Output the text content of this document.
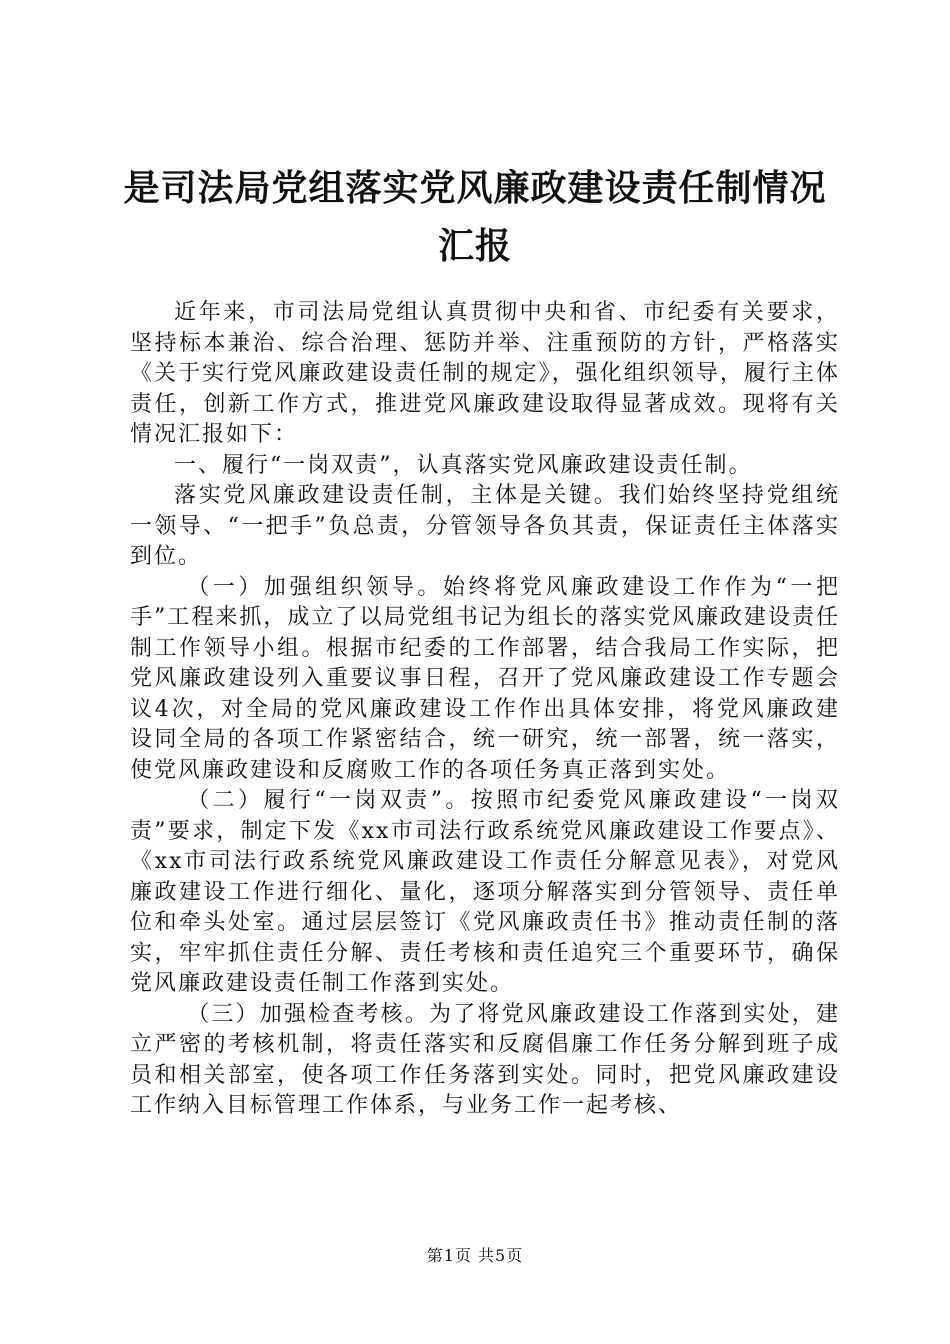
是司法局党组落实党风廉政建设责任制情况汇报

近年来，市司法局党组认真贯彻中央和省、市纪委有关要求，坚持标本兼治、综合治理、惩防并举、注重预防的方针，严格落实《关于实行党风廉政建设责任制的规定》，强化组织领导，履行主体责任，创新工作方式，推进党风廉政建设取得显著成效。现将有关情况汇报如下：

一、履行“一岗双责”，认真落实党风廉政建设责任制。

落实党风廉政建设责任制，主体是关键。我们始终坚持党组统一领导、“一把手”负总责，分管领导各负其责，保证责任主体落实到位。

（一）加强组织领导。始终将党风廉政建设工作作为“一把手”工程来抓，成立了以局党组书记为组长的落实党风廉政建设责任制工作领导小组。根据市纪委的工作部署，结合我局工作实际，把党风廉政建设列入重要议事日程，召开了党风廉政建设工作专题会议4次，对全局的党风廉政建设工作作出具体安排，将党风廉政建设同全局的各项工作紧密结合，统一研究，统一部署，统一落实，使党风廉政建设和反腐败工作的各项任务真正落到实处。

（二）履行“一岗双责”。按照市纪委党风廉政建设“一岗双责”要求，制定下发《xx市司法行政系统党风廉政建设工作要点》、《xx市司法行政系统党风廉政建设工作责任分解意见表》，对党风廉政建设工作进行细化、量化，逐项分解落实到分管领导、责任单位和牵头处室。通过层层签订《党风廉政责任书》推动责任制的落实，牢牢抓住责任分解、责任考核和责任追究三个重要环节，确保党风廉政建设责任制工作落到实处。

（三）加强检查考核。为了将党风廉政建设工作落到实处，建立严密的考核机制，将责任落实和反腐倡廉工作任务分解到班子成员和相关部室，使各项工作任务落到实处。同时，把党风廉政建设工作纳入目标管理工作体系，与业务工作一起考核、

第1页 共5页
